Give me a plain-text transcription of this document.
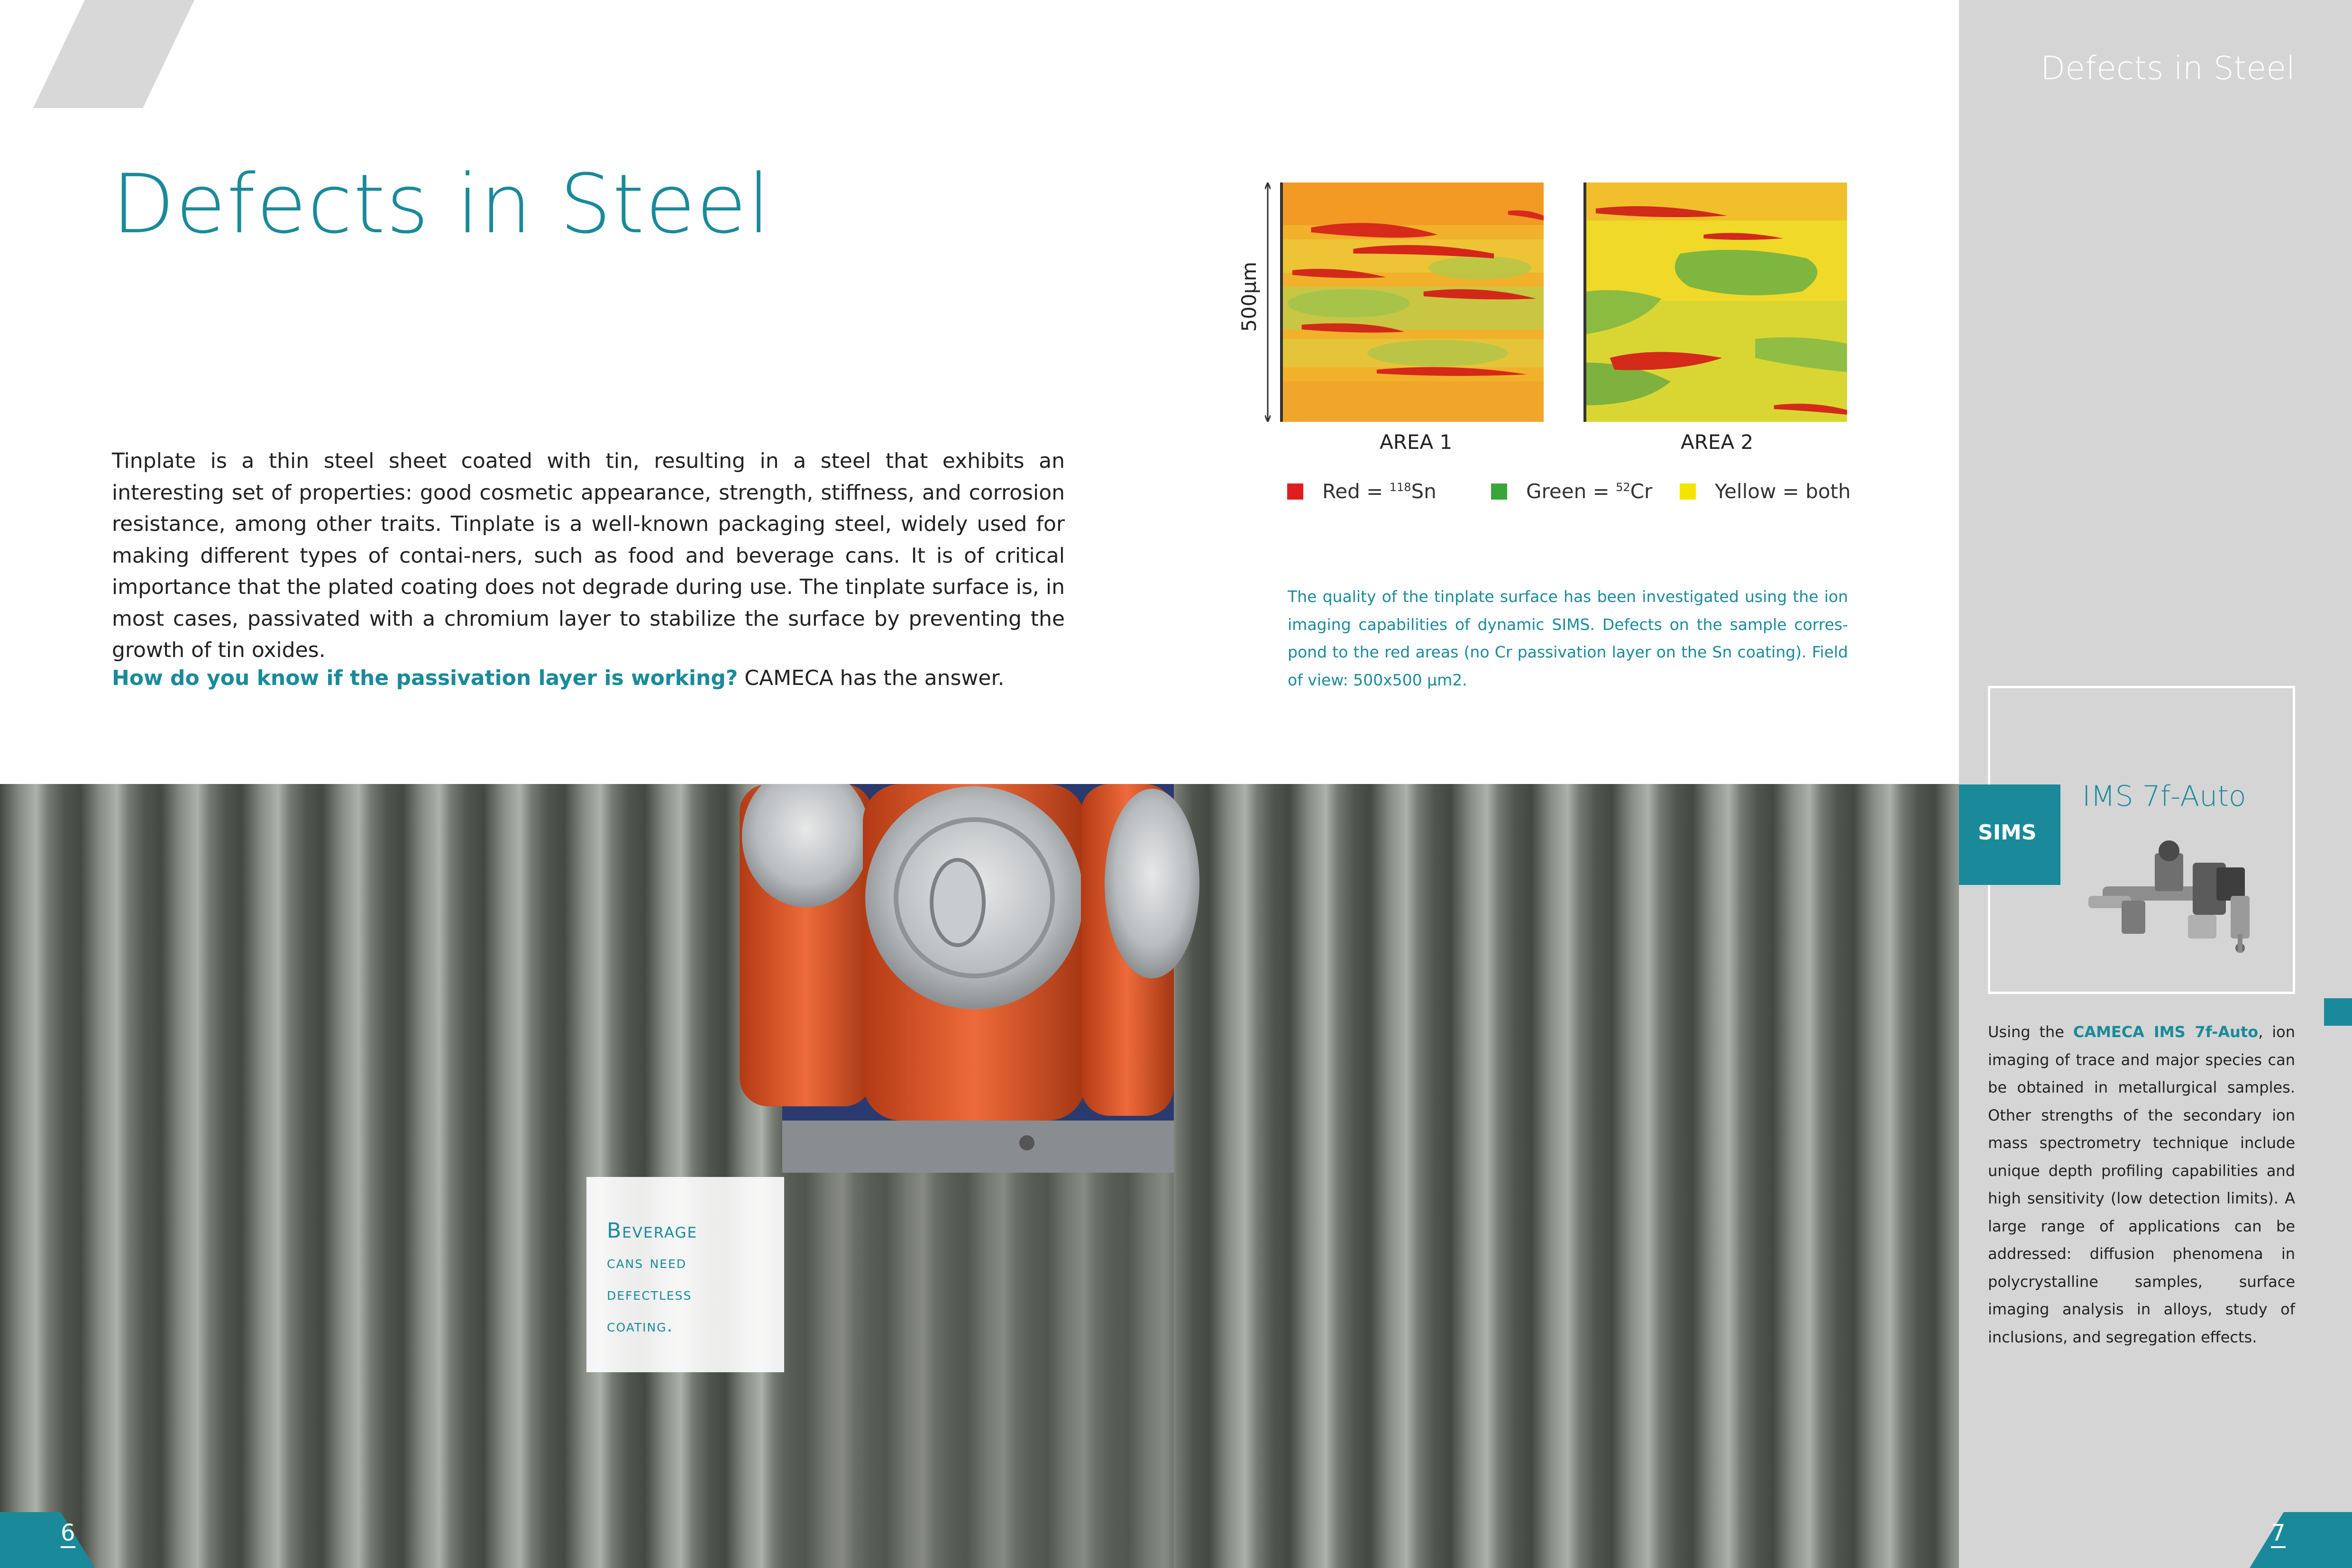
Defects in Steel
Defects in Steel

Tinplate is a thin steel sheet coated with tin, resulting in a steel that exhibits an interesting set of properties: good cosmetic appearance, strength, stiffness, and corrosion resistance, among other traits. Tinplate is a well-known packaging steel, widely used for making different types of contai-ners, such as food and beverage cans. It is of critical importance that the plated coating does not degrade during use. The tinplate surface is, in most cases, passivated with a chromium layer to stabilize the surface by preventing the growth of tin oxides.

How do you know if the passivation layer is working? CAMECA has the answer.

500µm
AREA 1	AREA 2
Red = $^{118}$Sn	Green = $^{52}$Cr	Yellow = both

The quality of the tinplate surface has been investigated using the ion imaging capabilities of dynamic SIMS. Defects on the sample corres-pond to the red areas (no Cr passivation layer on the Sn coating). Field of view: 500x500 µm2.

Beverage
cans need
defectless
coating.
SIMS
IMS 7f-Auto

Using the CAMECA IMS 7f-Auto, ion imaging of trace and major species can be obtained in metallurgical samples. Other strengths of the secondary ion mass spectrometry technique include unique depth profiling capabilities and high sensitivity (low detection limits). A large range of applications can be addressed: diffusion phenomena in polycrystalline samples, surface imaging analysis in alloys, study of inclusions, and segregation effects.

6	7
